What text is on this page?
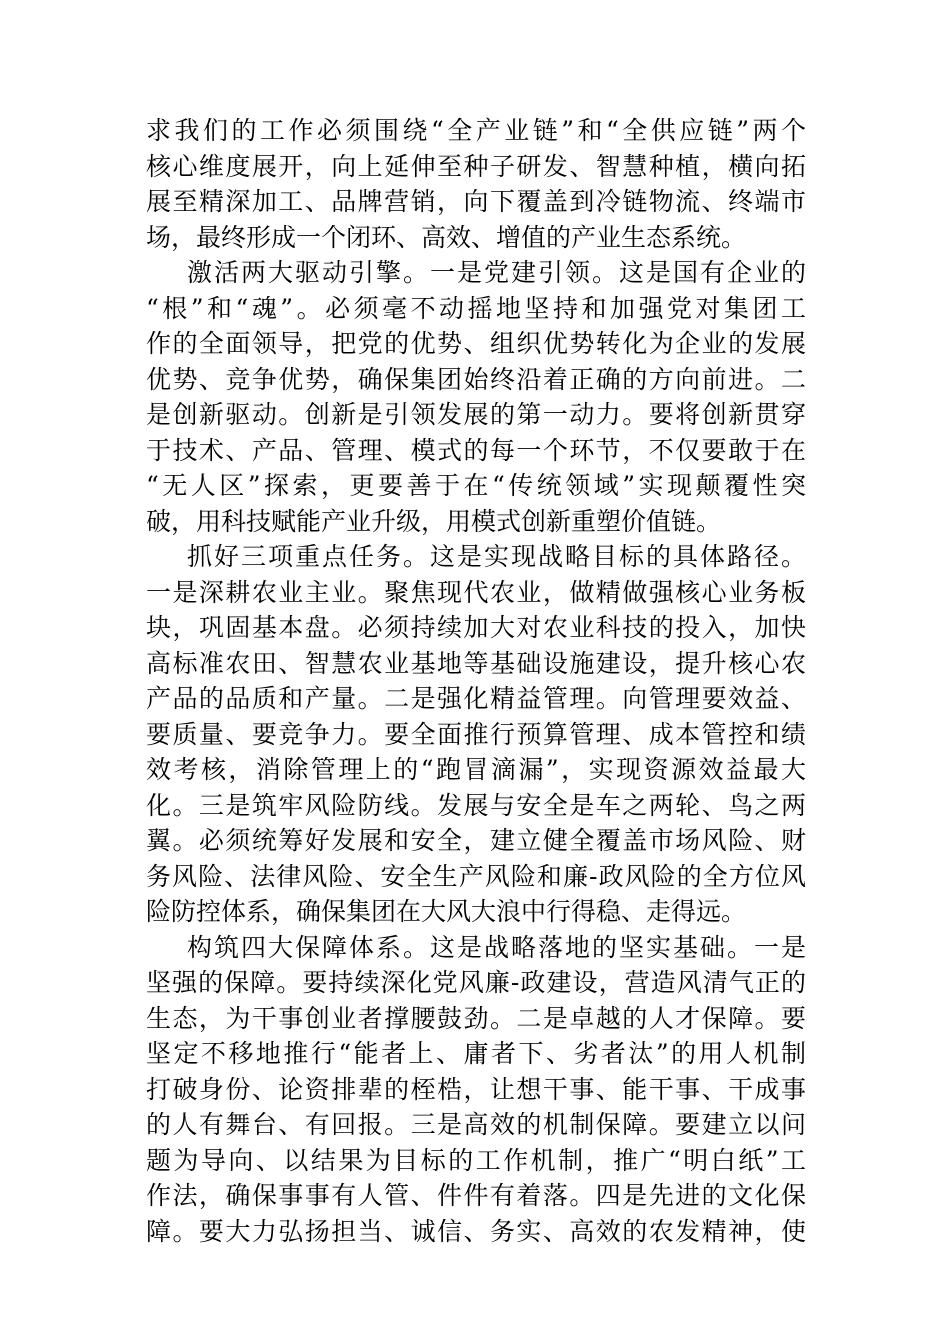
求我们的工作必须围绕“全产业链”和“全供应链”两个
核心维度展开，向上延伸至种子研发、智慧种植，横向拓
展至精深加工、品牌营销，向下覆盖到冷链物流、终端市
场，最终形成一个闭环、高效、增值的产业生态系统。
激活两大驱动引擎。一是党建引领。这是国有企业的
“根”和“魂”。必须毫不动摇地坚持和加强党对集团工
作的全面领导，把党的优势、组织优势转化为企业的发展
优势、竞争优势，确保集团始终沿着正确的方向前进。二
是创新驱动。创新是引领发展的第一动力。要将创新贯穿
于技术、产品、管理、模式的每一个环节，不仅要敢于在
“无人区”探索，更要善于在“传统领域”实现颠覆性突
破，用科技赋能产业升级，用模式创新重塑价值链。
抓好三项重点任务。这是实现战略目标的具体路径。
一是深耕农业主业。聚焦现代农业，做精做强核心业务板
块，巩固基本盘。必须持续加大对农业科技的投入，加快
高标准农田、智慧农业基地等基础设施建设，提升核心农
产品的品质和产量。二是强化精益管理。向管理要效益、
要质量、要竞争力。要全面推行预算管理、成本管控和绩
效考核，消除管理上的“跑冒滴漏”，实现资源效益最大
化。三是筑牢风险防线。发展与安全是车之两轮、鸟之两
翼。必须统筹好发展和安全，建立健全覆盖市场风险、财
务风险、法律风险、安全生产风险和廉-政风险的全方位风
险防控体系，确保集团在大风大浪中行得稳、走得远。
构筑四大保障体系。这是战略落地的坚实基础。一是
坚强的保障。要持续深化党风廉-政建设，营造风清气正的
生态，为干事创业者撑腰鼓劲。二是卓越的人才保障。要
坚定不移地推行“能者上、庸者下、劣者汰”的用人机制
打破身份、论资排辈的桎梏，让想干事、能干事、干成事
的人有舞台、有回报。三是高效的机制保障。要建立以问
题为导向、以结果为目标的工作机制，推广“明白纸”工
作法，确保事事有人管、件件有着落。四是先进的文化保
障。要大力弘扬担当、诚信、务实、高效的农发精神，使
